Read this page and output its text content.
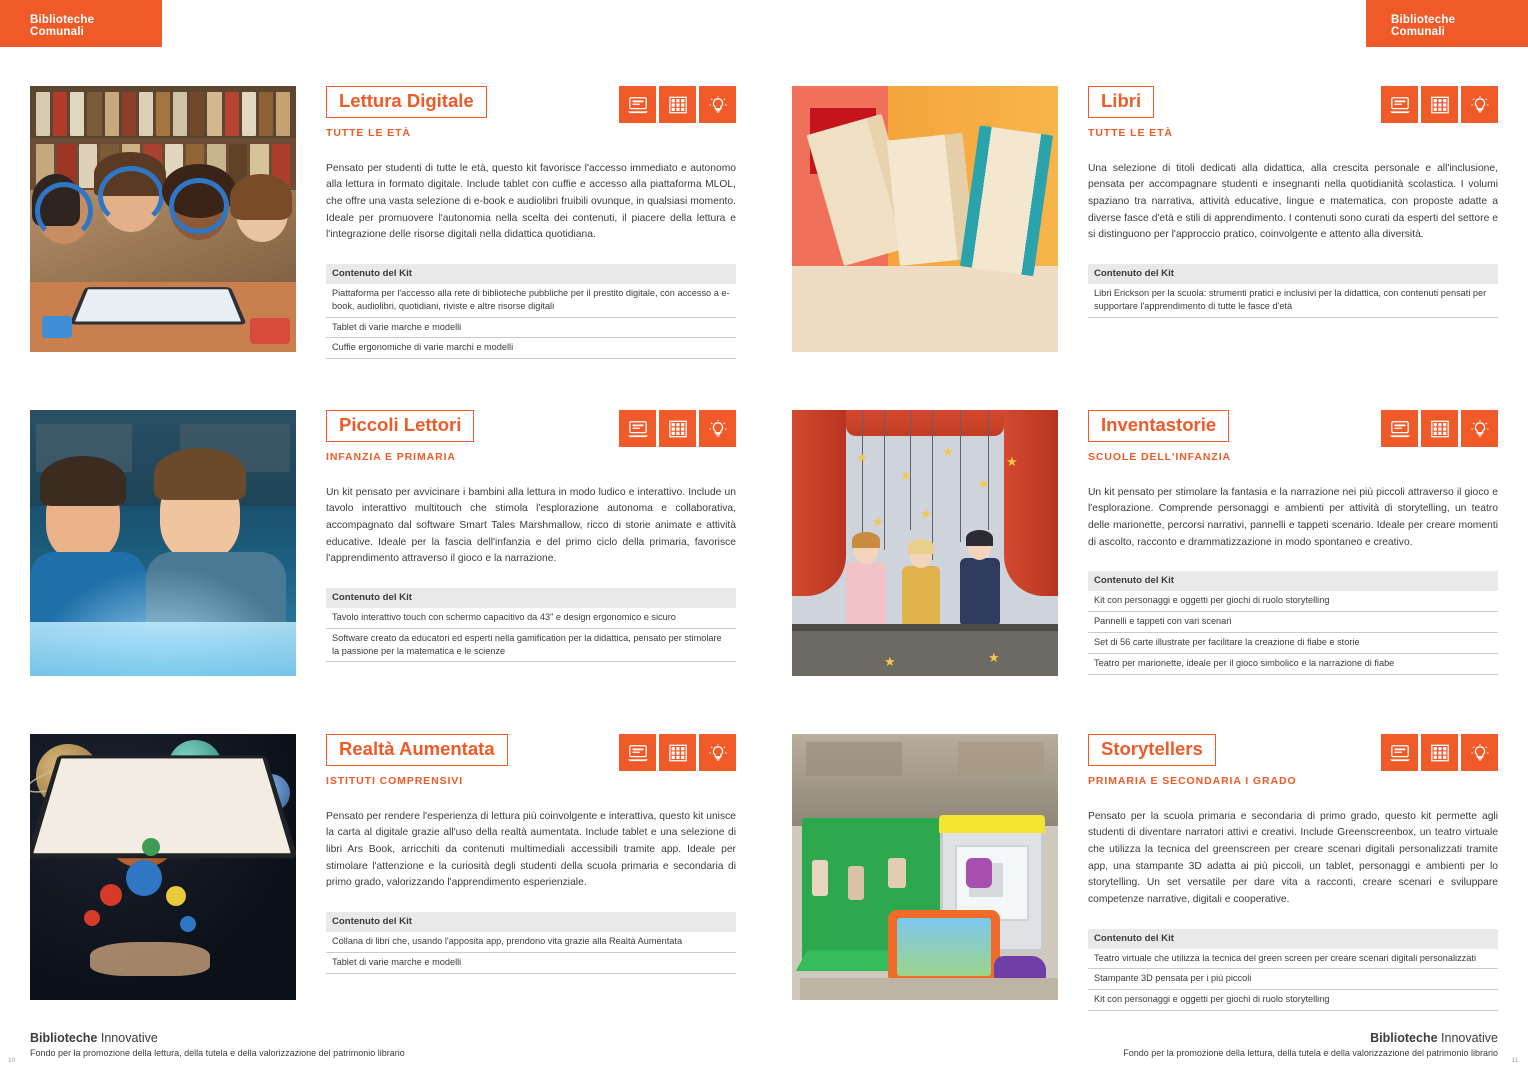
Biblioteche Comunali
Biblioteche Comunali
Lettura Digitale
TUTTE LE ETÀ
Pensato per studenti di tutte le età, questo kit favorisce l'accesso immediato e autonomo alla lettura in formato digitale. Include tablet con cuffie e accesso alla piattaforma MLOL, che offre una vasta selezione di e-book e audiolibri fruibili ovunque, in qualsiasi momento. Ideale per promuovere l'autonomia nella scelta dei contenuti, il piacere della lettura e l'integrazione delle risorse digitali nella didattica quotidiana.
Contenuto del Kit
Piattaforma per l'accesso alla rete di biblioteche pubbliche per il prestito digitale, con accesso a e-book, audiolibri, quotidiani, riviste e altre risorse digitali
Tablet di varie marche e modelli
Cuffie ergonomiche di varie marchi e modelli
Piccoli Lettori
INFANZIA E PRIMARIA
Un kit pensato per avvicinare i bambini alla lettura in modo ludico e interattivo. Include un tavolo interattivo multitouch che stimola l'esplorazione autonoma e collaborativa, accompagnato dal software Smart Tales Marshmallow, ricco di storie animate e attività educative. Ideale per la fascia dell'infanzia e del primo ciclo della primaria, favorisce l'apprendimento attraverso il gioco e la narrazione.
Contenuto del Kit
Tavolo interattivo touch con schermo capacitivo da 43" e design ergonomico e sicuro
Software creato da educatori ed esperti nella gamification per la didattica, pensato per stimolare la passione per la matematica e le scienze
Realtà Aumentata
ISTITUTI COMPRENSIVI
Pensato per rendere l'esperienza di lettura più coinvolgente e interattiva, questo kit unisce la carta al digitale grazie all'uso della realtà aumentata. Include tablet e una selezione di libri Ars Book, arricchiti da contenuti multimediali accessibili tramite app. Ideale per stimolare l'attenzione e la curiosità degli studenti della scuola primaria e secondaria di primo grado, valorizzando l'apprendimento esperienziale.
Contenuto del Kit
Collana di libri che, usando l'apposita app, prendono vita grazie alla Realtà Aumentata
Tablet di varie marche e modelli
Libri
TUTTE LE ETÀ
Una selezione di titoli dedicati alla didattica, alla crescita personale e all'inclusione, pensata per accompagnare studenti e insegnanti nella quotidianità scolastica. I volumi spaziano tra narrativa, attività educative, lingue e matematica, con proposte adatte a diverse fasce d'età e stili di apprendimento. I contenuti sono curati da esperti del settore e si distinguono per l'approccio pratico, coinvolgente e attento alla diversità.
Contenuto del Kit
Libri Erickson per la scuola: strumenti pratici e inclusivi per la didattica, con contenuti pensati per supportare l'apprendimento di tutte le fasce d'età
★
★
★
★
★
★
★
★	★
Inventastorie
SCUOLE DELL'INFANZIA
Un kit pensato per stimolare la fantasia e la narrazione nei più piccoli attraverso il gioco e l'esplorazione. Comprende personaggi e ambienti per attività di storytelling, un teatro delle marionette, percorsi narrativi, pannelli e tappeti scenario. Ideale per creare momenti di ascolto, racconto e drammatizzazione in modo spontaneo e creativo.
Contenuto del Kit
Kit con personaggi e oggetti per giochi di ruolo storytelling
Pannelli e tappeti con vari scenari
Set di 56 carte illustrate per facilitare la creazione di fiabe e storie
Teatro per marionette, ideale per il gioco simbolico e la narrazione di fiabe
Storytellers
PRIMARIA E SECONDARIA I GRADO
Pensato per la scuola primaria e secondaria di primo grado, questo kit permette agli studenti di diventare narratori attivi e creativi. Include Greenscreenbox, un teatro virtuale che utilizza la tecnica del greenscreen per creare scenari digitali personalizzati tramite app, una stampante 3D adatta ai più piccoli, un tablet, personaggi e ambienti per lo storytelling. Un set versatile per dare vita a racconti, creare scenari e sviluppare competenze narrative, digitali e cooperative.
Contenuto del Kit
Teatro virtuale che utilizza la tecnica del green screen per creare scenari digitali personalizzati
Stampante 3D pensata per i più piccoli
Kit con personaggi e oggetti per giochi di ruolo storytelling
Biblioteche Innovative
Fondo per la promozione della lettura, della tutela e della valorizzazione del patrimonio librario
Biblioteche Innovative
Fondo per la promozione della lettura, della tutela e della valorizzazione del patrimonio librario
10	11
